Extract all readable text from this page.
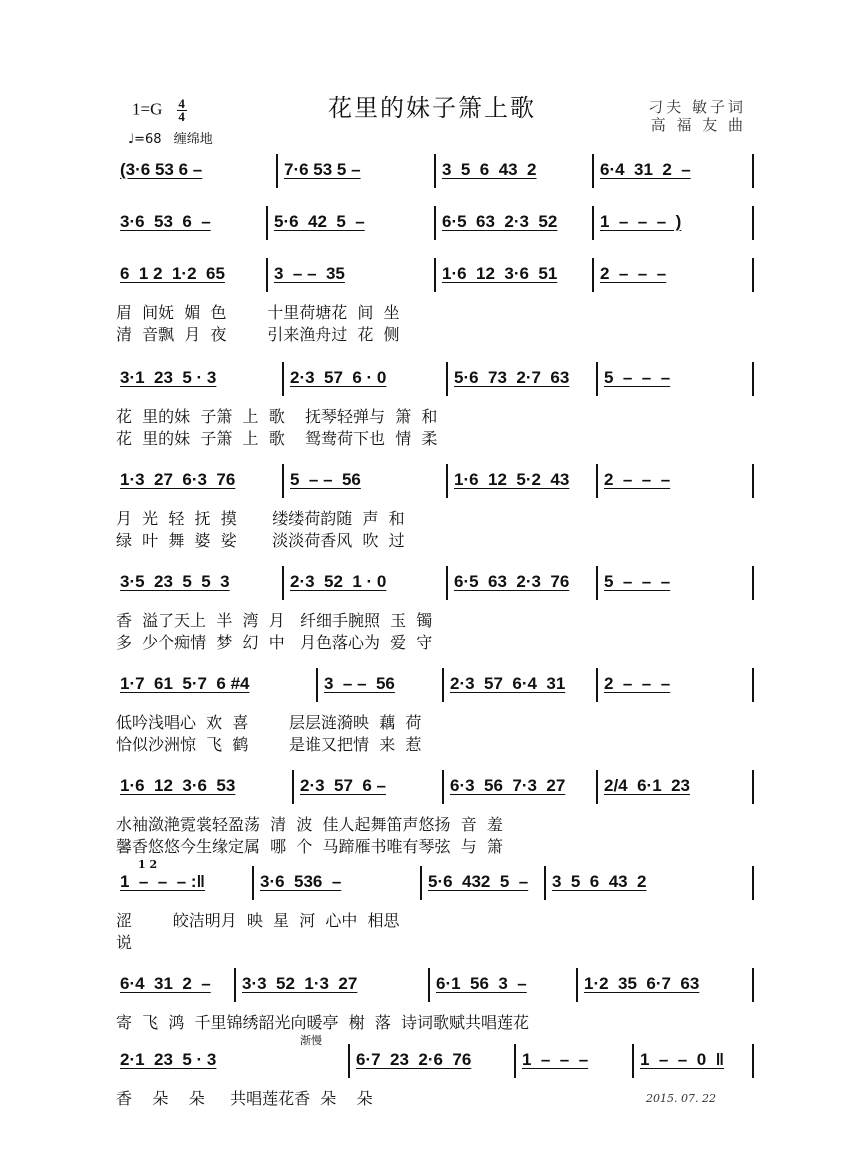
花里的妹子箫上歌
$1=G \frac{4}{4}$
♩=68 缠绵地
刁夫 敏子词
高 福 友 曲
(3·6 53 6 –	7·6 53 5 –	3  5  6  43  2	6·4  31  2  –
3·6  53  6  –	5·6  42  5  –	6·5  63  2·3  52	1  –  –  –  )
6  1 2  1·2  65	3  – –  35	1·6  12  3·6  51	2  –  –  –
眉  间妩  媚  色        十里荷塘花  间  坐
清  音飘  月  夜        引来渔舟过  花  侧
3·1  23  5 · 3	2·3  57  6 · 0	5·6  73  2·7  63 5  –  –  –
花  里的妹  子箫  上  歌    抚琴轻弹与  箫  和
花  里的妹  子箫  上  歌    鸳鸯荷下也  情  柔
1·3  27  6·3  76	5  – –  56	1·6  12  5·2  43 2  –  –  –
月  光  轻  抚  摸       缕缕荷韵随  声  和
绿  叶  舞  婆  娑       淡淡荷香风  吹  过
3·5  23  5  5  3	2·3  52  1 · 0	6·5  63  2·3  76 5  –  –  –
香  溢了天上  半  湾  月   纤细手腕照  玉  镯
多  少个痴情  梦  幻  中   月色落心为  爱  守
1·7  61  5·7  6 #4	3  – –  56	2·3  57  6·4  31 2  –  –  –
低吟浅唱心  欢  喜        层层涟漪映  藕  荷
恰似沙洲惊  飞  鹤        是谁又把情  来  惹
1·6  12  3·6  53	2·3  57  6 –	6·3  56  7·3  27 2/4  6·1  23
水袖潋滟霓裳轻盈荡  清  波  佳人起舞笛声悠扬  音  羞
馨香悠悠今生缘定属  哪  个  马蹄雁书唯有琴弦  与  箫
1  –  –  – :‖	3·6  536  –	5·6  432  5  – 3  5  6  43  2
涩        皎洁明月  映  星  河  心中  相思
说
1 2
6·4  31  2  – 3·3  52  1·3  27	6·1  56  3  –	1·2  35  6·7  63
寄  飞  鸿  千里锦绣韶光向暖亭  榭  落  诗词歌赋共唱莲花
2·1  23  5 · 3	6·7  23  2·6  76	1  –  –  –	1  –  –  0  ‖
香    朵    朵     共唱莲花香  朵    朵
渐慢
2015. 07. 22
